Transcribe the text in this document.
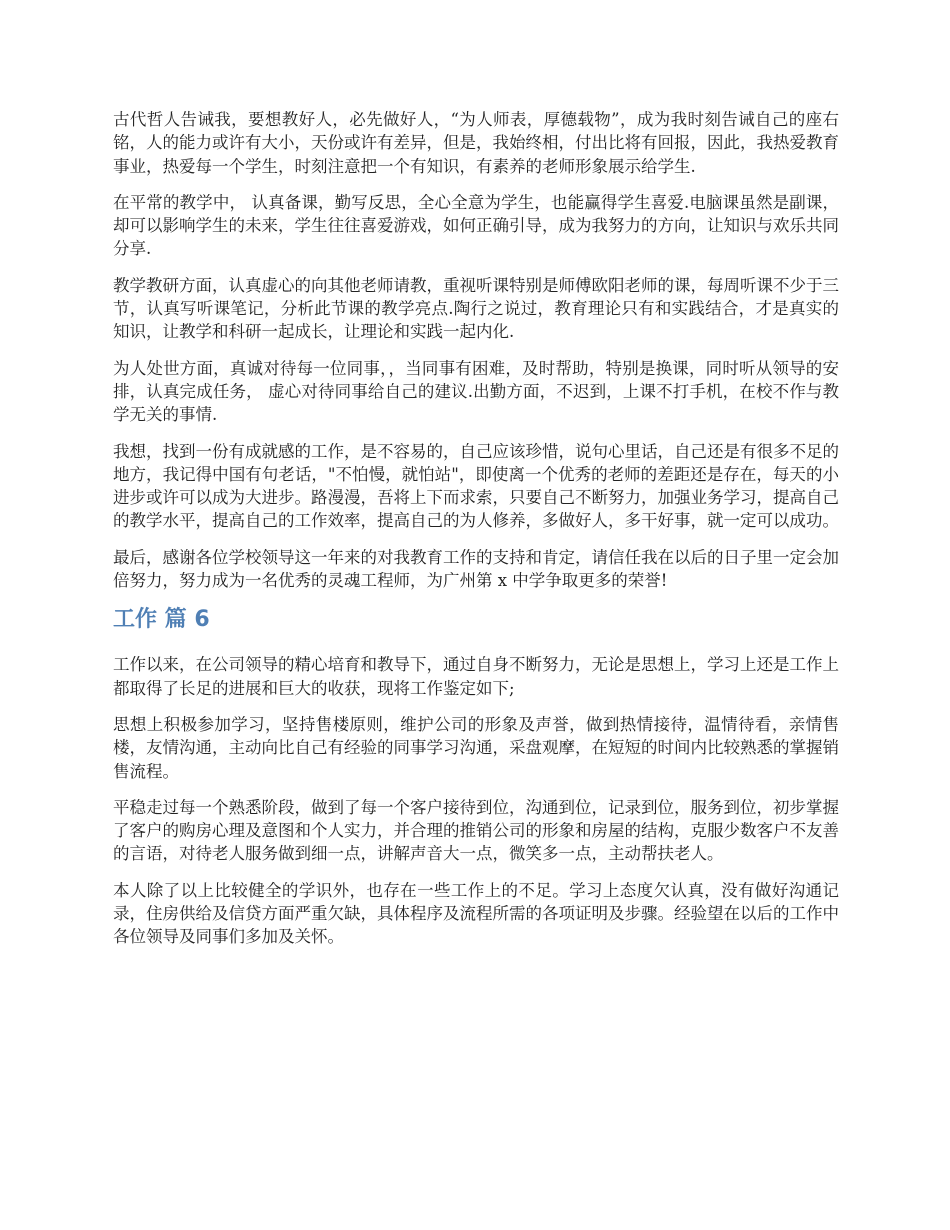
古代哲人告诫我，要想教好人，必先做好人，“为人师表，厚德载物”，成为我时刻告诫自己的座右铭，人的能力或许有大小，天份或许有差异，但是，我始终相，付出比将有回报，因此，我热爱教育事业，热爱每一个学生，时刻注意把一个有知识，有素养的老师形象展示给学生.

在平常的教学中， 认真备课，勤写反思，全心全意为学生，也能赢得学生喜爱.电脑课虽然是副课，却可以影响学生的未来，学生往往喜爱游戏，如何正确引导，成为我努力的方向，让知识与欢乐共同分享.

教学教研方面，认真虚心的向其他老师请教，重视听课特别是师傅欧阳老师的课，每周听课不少于三节，认真写听课笔记，分析此节课的教学亮点.陶行之说过，教育理论只有和实践结合，才是真实的知识，让教学和科研一起成长，让理论和实践一起内化.

为人处世方面，真诚对待每一位同事，，当同事有困难，及时帮助，特别是换课，同时听从领导的安排，认真完成任务， 虚心对待同事给自己的建议.出勤方面，不迟到，上课不打手机，在校不作与教学无关的事情.

我想，找到一份有成就感的工作，是不容易的，自己应该珍惜，说句心里话，自己还是有很多不足的地方，我记得中国有句老话，"不怕慢，就怕站"，即使离一个优秀的老师的差距还是存在，每天的小进步或许可以成为大进步。路漫漫，吾将上下而求索，只要自己不断努力，加强业务学习，提高自己的教学水平，提高自己的工作效率，提高自己的为人修养，多做好人，多干好事，就一定可以成功。

最后，感谢各位学校领导这一年来的对我教育工作的支持和肯定，请信任我在以后的日子里一定会加倍努力，努力成为一名优秀的灵魂工程师，为广州第 x 中学争取更多的荣誉!

工作 篇 6

工作以来，在公司领导的精心培育和教导下，通过自身不断努力，无论是思想上，学习上还是工作上都取得了长足的进展和巨大的收获，现将工作鉴定如下;

思想上积极参加学习，坚持售楼原则，维护公司的形象及声誉，做到热情接待，温情待看，亲情售楼，友情沟通，主动向比自己有经验的同事学习沟通，采盘观摩，在短短的时间内比较熟悉的掌握销售流程。

平稳走过每一个熟悉阶段，做到了每一个客户接待到位，沟通到位，记录到位，服务到位，初步掌握了客户的购房心理及意图和个人实力，并合理的推销公司的形象和房屋的结构，克服少数客户不友善的言语，对待老人服务做到细一点，讲解声音大一点，微笑多一点，主动帮扶老人。

本人除了以上比较健全的学识外，也存在一些工作上的不足。学习上态度欠认真，没有做好沟通记录，住房供给及信贷方面严重欠缺，具体程序及流程所需的各项证明及步骤。经验望在以后的工作中各位领导及同事们多加及关怀。
